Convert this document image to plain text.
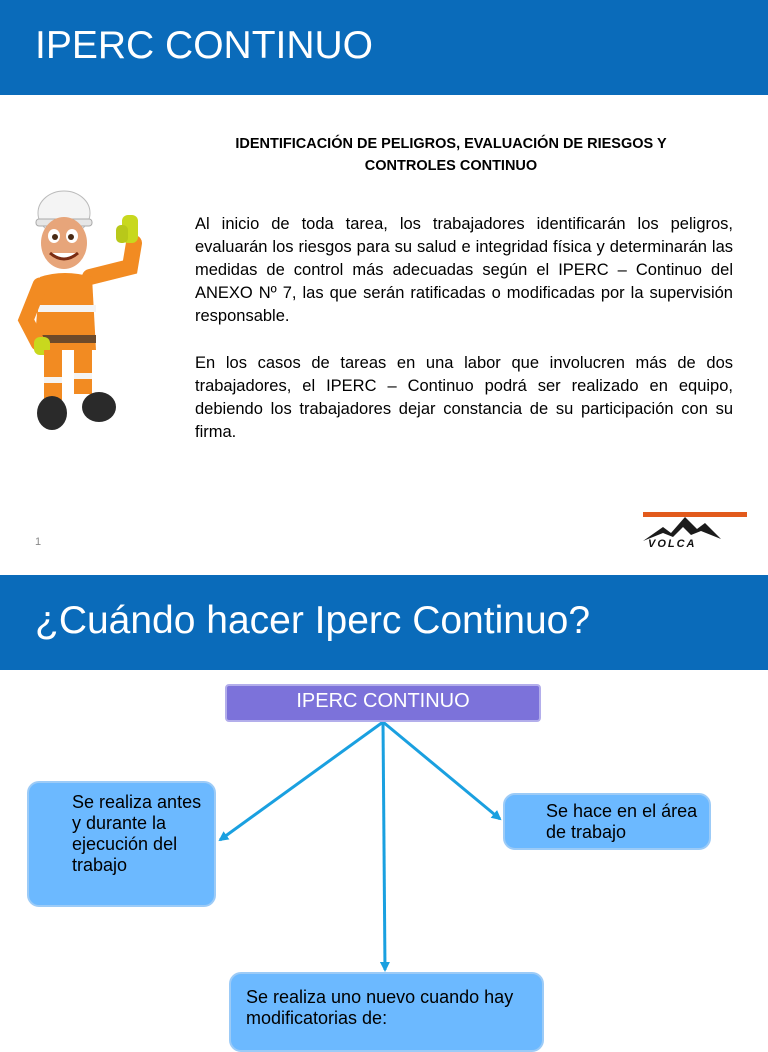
IPERC CONTINUO
IDENTIFICACIÓN DE PELIGROS, EVALUACIÓN DE RIESGOS Y CONTROLES CONTINUO
Al inicio de toda tarea, los trabajadores identificarán los peligros, evaluarán los riesgos para su salud e integridad física y determinarán las medidas de control más adecuadas según el IPERC – Continuo del ANEXO Nº 7, las que serán ratificadas o modificadas por la supervisión responsable.
En los casos de tareas en una labor que involucren más de dos trabajadores, el IPERC – Continuo podrá ser realizado en equipo, debiendo los trabajadores dejar constancia de su participación con su firma.
1	VOLCA
¿Cuándo hacer Iperc Continuo?
IPERC CONTINUO
Se realiza antes y durante la ejecución del trabajo
Se hace en el área de trabajo
Se realiza uno nuevo cuando hay modificatorias de:
